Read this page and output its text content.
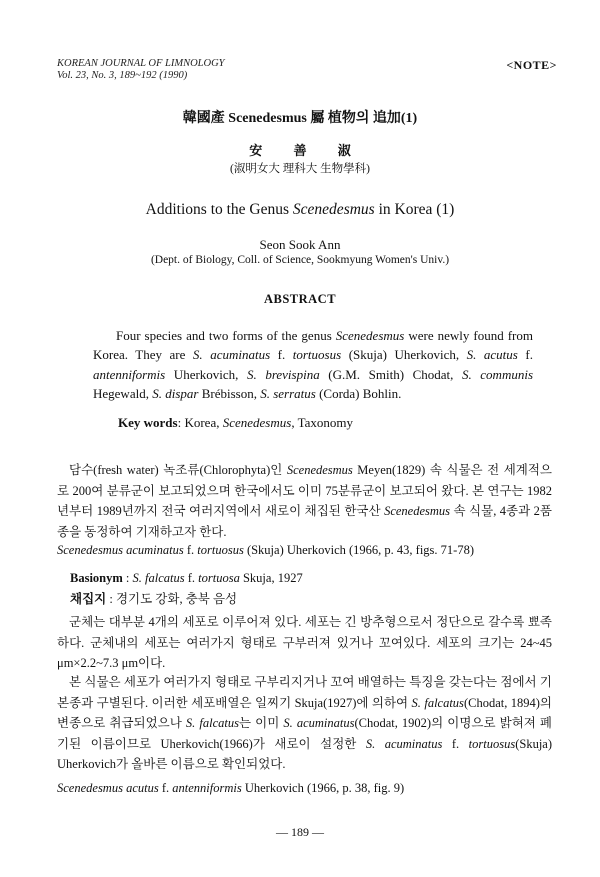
KOREAN JOURNAL OF LIMNOLOGY
Vol. 23, No. 3, 189~192 (1990)
<NOTE>
韓國產 Scenedesmus 屬 植物의 追加(1)
安 善 淑
(淑明女大 理科大 生物學科)
Additions to the Genus Scenedesmus in Korea (1)
Seon Sook Ann
(Dept. of Biology, Coll. of Science, Sookmyung Women's Univ.)
ABSTRACT
Four species and two forms of the genus Scenedesmus were newly found from Korea. They are S. acuminatus f. tortuosus (Skuja) Uherkovich, S. acutus f. antenniformis Uherkovich, S. brevispina (G.M. Smith) Chodat, S. communis Hegewald, S. dispar Brébisson, S. serratus (Corda) Bohlin.
Key words: Korea, Scenedesmus, Taxonomy
담수(fresh water) 녹조류(Chlorophyta)인 Scenedesmus Meyen(1829) 속 식물은 전 세계적으로 200여 분류군이 보고되었으며 한국에서도 이미 75분류군이 보고되어 왔다. 본 연구는 1982년부터 1989년까지 전국 여러지역에서 새로이 채집된 한국산 Scenedesmus 속 식물, 4종과 2품종을 동정하여 기재하고자 한다.
Scenedesmus acuminatus f. tortuosus (Skuja) Uherkovich (1966, p. 43, figs. 71-78)
Basionym : S. falcatus f. tortuosa Skuja, 1927
채집지 : 경기도 강화, 충북 음성
군체는 대부분 4개의 세포로 이루어져 있다. 세포는 긴 방추형으로서 정단으로 갈수록 뾰족하다. 군체내의 세포는 여러가지 형태로 구부러져 있거나 꼬여있다. 세포의 크기는 24~45 μm×2.2~7.3 μm이다.
본 식물은 세포가 여러가지 형태로 구부리지거나 꼬여 배열하는 특징을 갖는다는 점에서 기본종과 구별된다. 이러한 세포배열은 일찌기 Skuja(1927)에 의하여 S. falcatus(Chodat, 1894)의 변종으로 취급되었으나 S. falcatus는 이미 S. acuminatus(Chodat, 1902)의 이명으로 밝혀져 폐기된 이름이므로 Uherkovich(1966)가 새로이 설정한 S. acuminatus f. tortuosus(Skuja) Uherkovich가 올바른 이름으로 확인되었다.
Scenedesmus acutus f. antenniformis Uherkovich (1966, p. 38, fig. 9)
— 189 —
